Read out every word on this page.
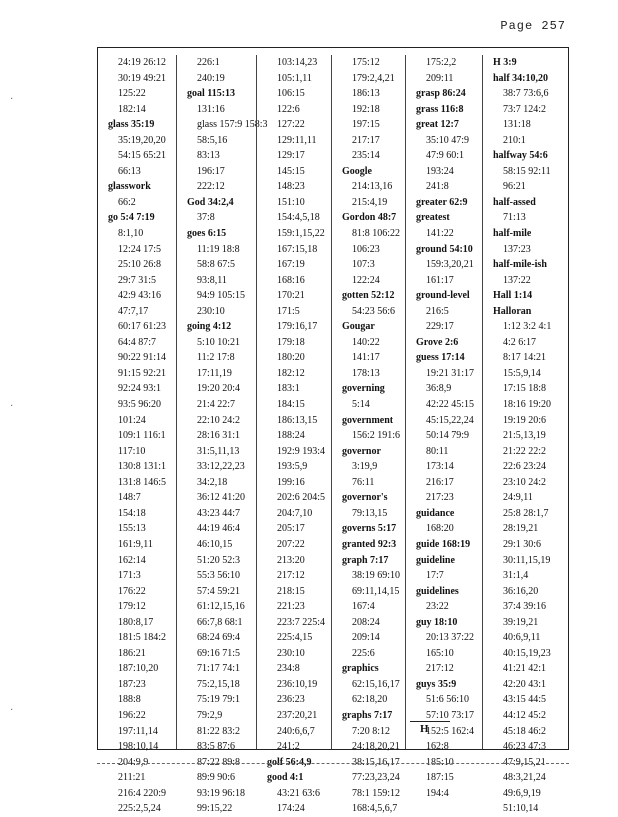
Page 257
·
·
·
24:19 26:12
30:19 49:21
125:22
182:14
glass 35:19
35:19,20,20
54:15 65:21
66:13
glasswork
66:2
go 5:4 7:19
8:1,10
12:24 17:5
25:10 26:8
29:7 31:5
42:9 43:16
47:7,17
60:17 61:23
64:4 87:7
90:22 91:14
91:15 92:21
92:24 93:1
93:5 96:20
101:24
109:1 116:1
117:10
130:8 131:1
131:8 146:5
148:7
154:18
155:13
161:9,11
162:14
171:3
176:22
179:12
180:8,17
181:5 184:2
186:21
187:10,20
187:23
188:8
196:22
197:11,14
198:10,14
204:9,9
211:21
216:4 220:9
225:2,5,24
226:1
240:19
goal 115:13
131:16
glass 157:9 158:3
58:5,16
83:13
196:17
222:12
God 34:2,4
37:8
goes 6:15
11:19 18:8
58:8 67:5
93:8,11
94:9 105:15
230:10
going 4:12
5:10 10:21
11:2 17:8
17:11,19
19:20 20:4
21:4 22:7
22:10 24:2
28:16 31:1
31:5,11,13
33:12,22,23
34:2,18
36:12 41:20
43:23 44:7
44:19 46:4
46:10,15
51:20 52:3
55:3 56:10
57:4 59:21
61:12,15,16
66:7,8 68:1
68:24 69:4
69:16 71:5
71:17 74:1
75:2,15,18
75:19 79:1
79:2,9
81:22 83:2
83:5 87:6
87:22 89:8
89:9 90:6
93:19 96:18
99:15,22
103:14,23
105:1,11
106:15
122:6
127:22
129:11,11
129:17
145:15
148:23
151:10
154:4,5,18
159:1,15,22
167:15,18
167:19
168:16
170:21
171:5
179:16,17
179:18
180:20
182:12
183:1
184:15
186:13,15
188:24
192:9 193:4
193:5,9
199:16
202:6 204:5
204:7,10
205:17
207:22
213:20
217:12
218:15
221:23
223:7 225:4
225:4,15
230:10
234:8
236:10,19
236:23
237:20,21
240:6,6,7
241:2
golf 56:4,9
good 4:1
43:21 63:6
174:24
175:12
179:2,4,21
186:13
192:18
197:15
217:17
235:14
Google
214:13,16
215:4,19
Gordon 48:7
81:8 106:22
106:23
107:3
122:24
gotten 52:12
54:23 56:6
Gougar
140:22
141:17
178:13
governing
5:14
government
156:2 191:6
governor
3:19,9
76:11
governor's
79:13,15
governs 5:17
granted 92:3
graph 7:17
38:19 69:10
69:11,14,15
167:4
208:24
209:14
225:6
graphics
62:15,16,17
62:18,20
graphs 7:17
7:20 8:12
24:18,20,21
38:15,16,17
77:23,23,24
78:1 159:12
168:4,5,6,7
175:2,2
209:11
grasp 86:24
grass 116:8
great 12:7
35:10 47:9
47:9 60:1
193:24
241:8
greater 62:9
greatest
141:22
ground 54:10
159:3,20,21
161:17
ground-level
216:5
229:17
Grove 2:6
guess 17:14
19:21 31:17
36:8,9
42:22 45:15
45:15,22,24
50:14 79:9
80:11
173:14
216:17
217:23
guidance
168:20
guide 168:19
guideline
17:7
guidelines
23:22
guy 18:10
20:13 37:22
165:10
217:12
guys 35:9
51:6 56:10
57:10 73:17
152:5 162:4
162:8
185:10
187:15
194:4
H 3:9
half 34:10,20
38:7 73:6,6
73:7 124:2
131:18
210:1
halfway 54:6
58:15 92:11
96:21
half-assed
71:13
half-mile
137:23
half-mile-ish
137:22
Hall 1:14
Halloran
1:12 3:2 4:1
4:2 6:17
8:17 14:21
15:5,9,14
17:15 18:8
18:16 19:20
19:19 20:6
21:5,13,19
21:22 22:2
22:6 23:24
23:10 24:2
24:9,11
25:8 28:1,7
28:19,21
29:1 30:6
30:11,15,19
31:1,4
36:16,20
37:4 39:16
39:19,21
40:6,9,11
40:15,19,23
41:21 42:1
42:20 43:1
43:15 44:5
44:12 45:2
45:18 46:2
46:23 47:3
47:9,15,21
48:3,21,24
49:6,9,19
51:10,14
H
